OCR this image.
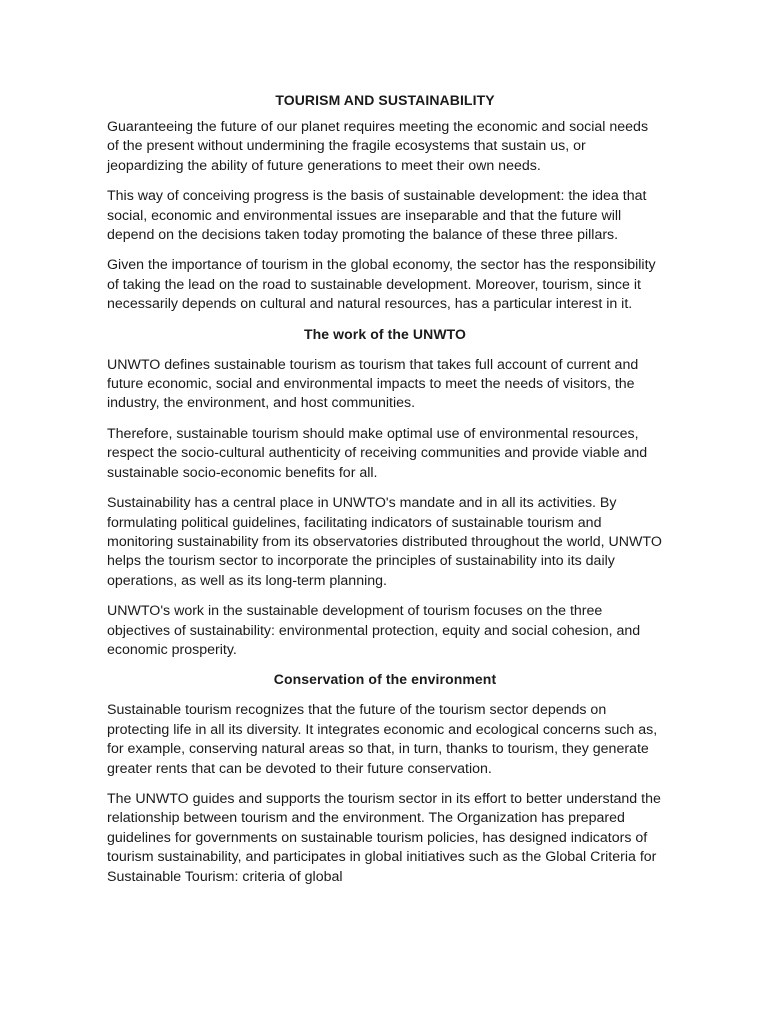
TOURISM AND SUSTAINABILITY

Guaranteeing the future of our planet requires meeting the economic and social needs of the present without undermining the fragile ecosystems that sustain us, or jeopardizing the ability of future generations to meet their own needs.

This way of conceiving progress is the basis of sustainable development: the idea that social, economic and environmental issues are inseparable and that the future will depend on the decisions taken today promoting the balance of these three pillars.

Given the importance of tourism in the global economy, the sector has the responsibility of taking the lead on the road to sustainable development. Moreover, tourism, since it necessarily depends on cultural and natural resources, has a particular interest in it.

The work of the UNWTO

UNWTO defines sustainable tourism as tourism that takes full account of current and future economic, social and environmental impacts to meet the needs of visitors, the industry, the environment, and host communities.

Therefore, sustainable tourism should make optimal use of environmental resources, respect the socio-cultural authenticity of receiving communities and provide viable and sustainable socio-economic benefits for all.

Sustainability has a central place in UNWTO's mandate and in all its activities. By formulating political guidelines, facilitating indicators of sustainable tourism and monitoring sustainability from its observatories distributed throughout the world, UNWTO helps the tourism sector to incorporate the principles of sustainability into its daily operations, as well as its long-term planning.

UNWTO's work in the sustainable development of tourism focuses on the three objectives of sustainability: environmental protection, equity and social cohesion, and economic prosperity.

Conservation of the environment

Sustainable tourism recognizes that the future of the tourism sector depends on protecting life in all its diversity. It integrates economic and ecological concerns such as, for example, conserving natural areas so that, in turn, thanks to tourism, they generate greater rents that can be devoted to their future conservation.

The UNWTO guides and supports the tourism sector in its effort to better understand the relationship between tourism and the environment. The Organization has prepared guidelines for governments on sustainable tourism policies, has designed indicators of tourism sustainability, and participates in global initiatives such as the Global Criteria for Sustainable Tourism: criteria of global
